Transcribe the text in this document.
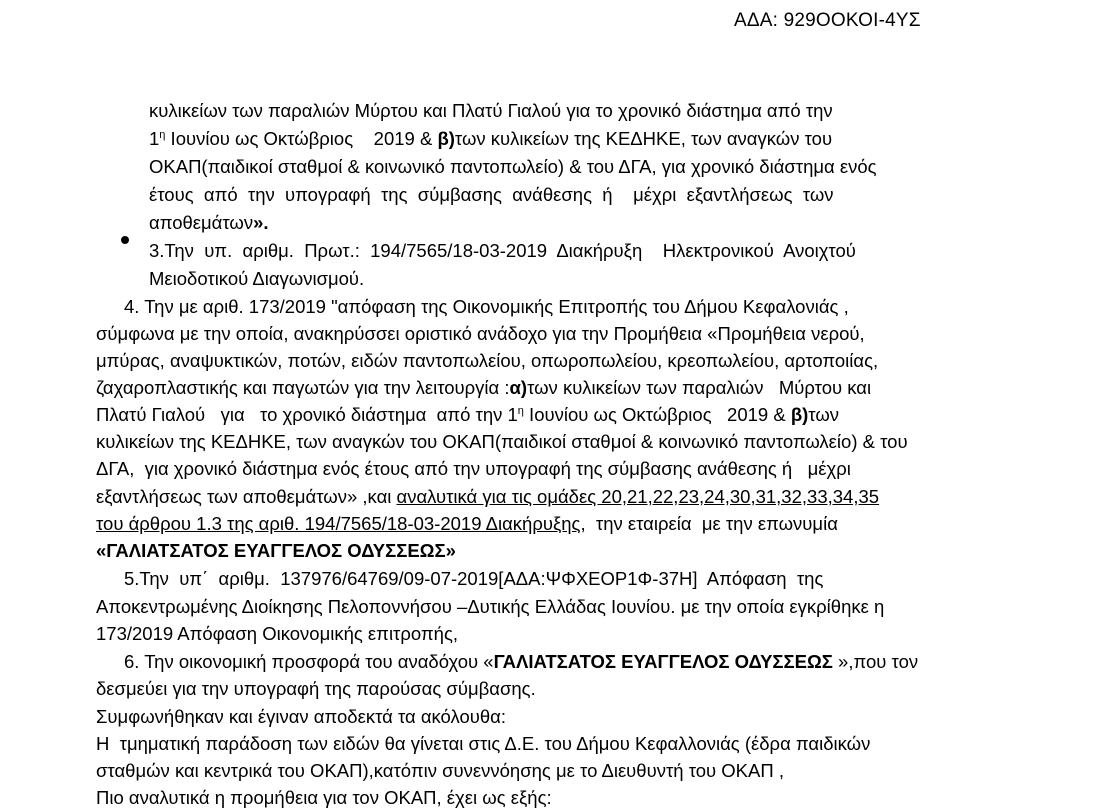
ΑΔΑ: 929ΟΟΚΟΙ-4ΥΣ
κυλικείων των παραλιών Μύρτου και Πλατύ Γιαλού για το χρονικό διάστημα από την
$1^\eta$ Ιουνίου ως Οκτώβριος    2019 & β)των κυλικείων της ΚΕΔΗΚΕ, των αναγκών του
ΟΚΑΠ(παιδικοί σταθμοί & κοινωνικό παντοπωλείο) & του ΔΓΑ, για χρονικό διάστημα ενός
έτους  από  την  υπογραφή  της  σύμβασης  ανάθεσης  ή    μέχρι  εξαντλήσεως  των
αποθεμάτων».
3.Την  υπ.  αριθμ.  Πρωτ.:  194/7565/18-03-2019  Διακήρυξη    Ηλεκτρονικού  Ανοιχτού
Μειοδοτικού Διαγωνισμού.
4. Την με αριθ. 173/2019 "απόφαση της Οικονομικής Επιτροπής του Δήμου Κεφαλονιάς ,
σύμφωνα με την οποία, ανακηρύσσει οριστικό ανάδοχο για την Προμήθεια «Προμήθεια νερού,
μπύρας, αναψυκτικών, ποτών, ειδών παντοπωλείου, οπωροπωλείου, κρεοπωλείου, αρτοποιίας,
ζαχαροπλαστικής και παγωτών για την λειτουργία :α)των κυλικείων των παραλιών   Μύρτου και
Πλατύ Γιαλού   για   το χρονικό διάστημα  από την $1^\eta$ Ιουνίου ως Οκτώβριος   2019 & β)των
κυλικείων της ΚΕΔΗΚΕ, των αναγκών του ΟΚΑΠ(παιδικοί σταθμοί & κοινωνικό παντοπωλείο) & του
ΔΓΑ,  για χρονικό διάστημα ενός έτους από την υπογραφή της σύμβασης ανάθεσης ή   μέχρι
εξαντλήσεως των αποθεμάτων» ,και αναλυτικά για τις ομάδες 20,21,22,23,24,30,31,32,33,34,35
του άρθρου 1.3 της αριθ. 194/7565/18-03-2019 Διακήρυξης,  την εταιρεία  με την επωνυμία
«ΓΑΛΙΑΤΣΑΤΟΣ ΕΥΑΓΓΕΛΟΣ ΟΔΥΣΣΕΩΣ»
5.Την  υπ΄  αριθμ.  137976/64769/09-07-2019[ΑΔΑ:ΨΦΧΕΟΡ1Φ-37Η]  Απόφαση  της
Αποκεντρωμένης Διοίκησης Πελοποννήσου –Δυτικής Ελλάδας Ιουνίου. με την οποία εγκρίθηκε η
173/2019 Απόφαση Οικονομικής επιτροπής,
6. Την οικονομική προσφορά του αναδόχου «ΓΑΛΙΑΤΣΑΤΟΣ ΕΥΑΓΓΕΛΟΣ ΟΔΥΣΣΕΩΣ »,που τον
δεσμεύει για την υπογραφή της παρούσας σύμβασης.
Συμφωνήθηκαν και έγιναν αποδεκτά τα ακόλουθα:
Η  τμηματική παράδοση των ειδών θα γίνεται στις Δ.Ε. του Δήμου Κεφαλλονιάς (έδρα παιδικών
σταθμών και κεντρικά του ΟΚΑΠ),κατόπιν συνεννόησης με το Διευθυντή του ΟΚΑΠ ,
Πιο αναλυτικά η προμήθεια για τον ΟΚΑΠ, έχει ως εξής:
